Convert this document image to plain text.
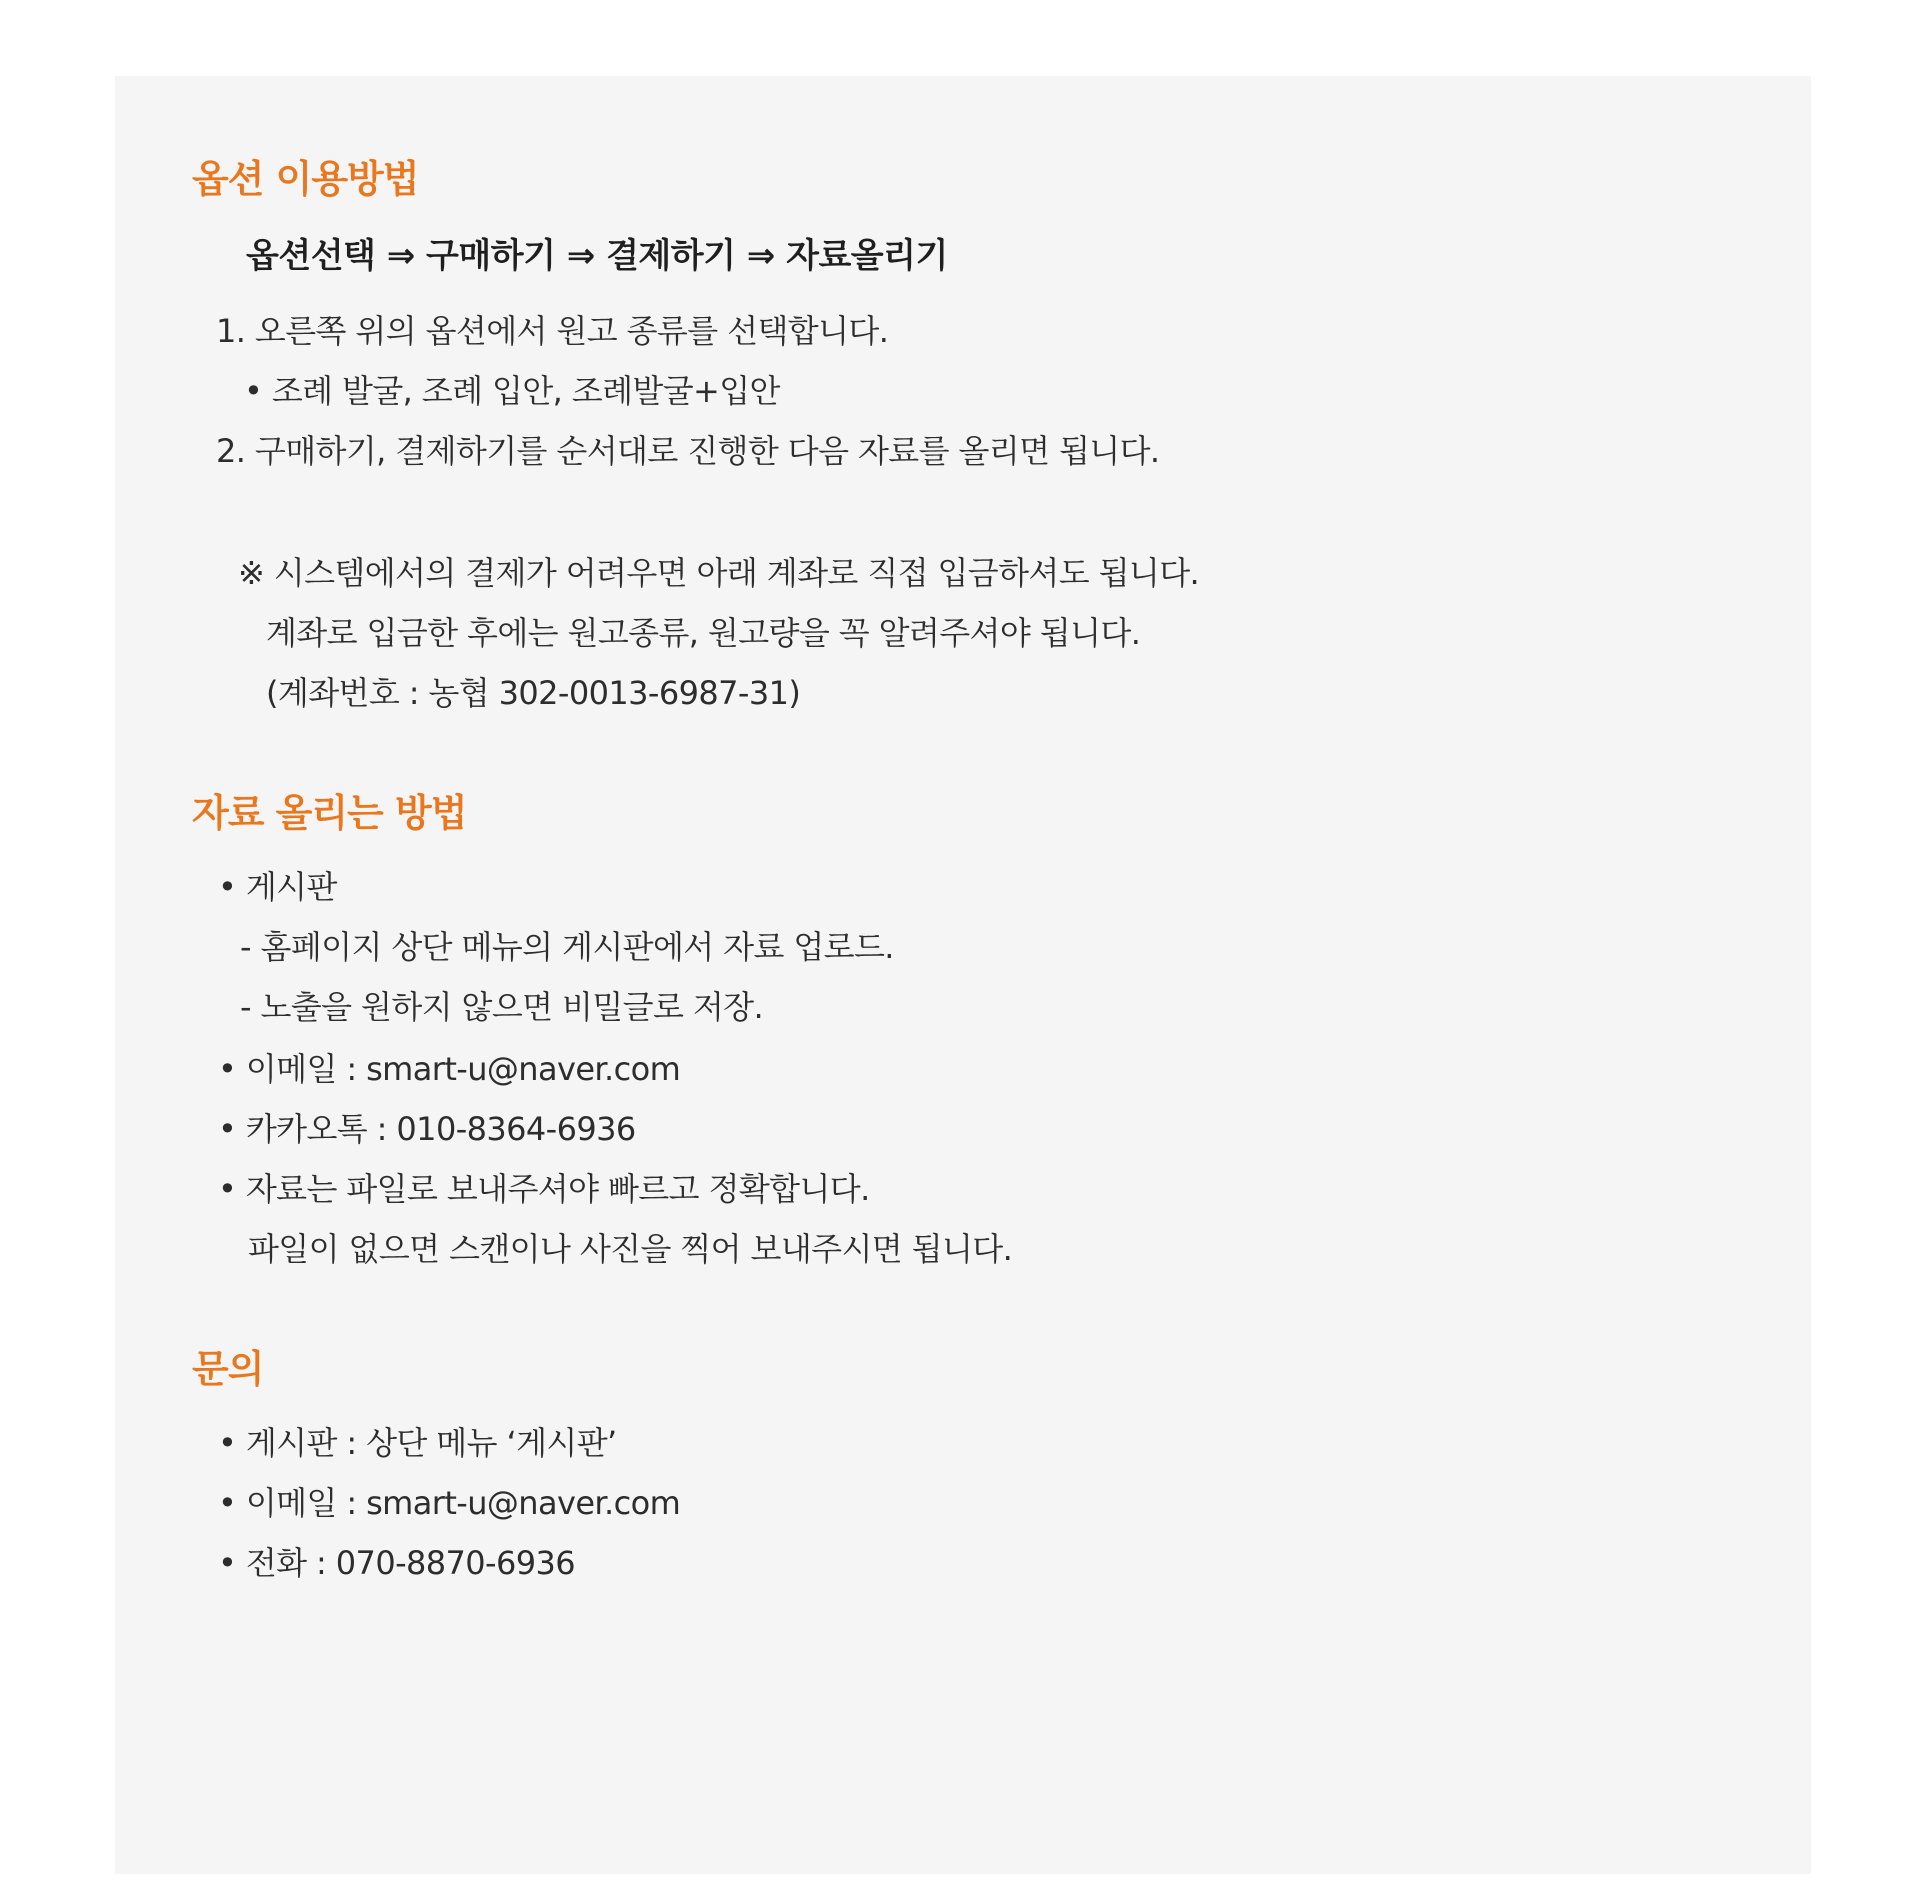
옵션 이용방법
옵션선택 ⇒ 구매하기 ⇒ 결제하기 ⇒ 자료올리기
1. 오른쪽 위의 옵션에서 원고 종류를 선택합니다.
• 조례 발굴, 조례 입안, 조례발굴+입안
2. 구매하기, 결제하기를 순서대로 진행한 다음 자료를 올리면 됩니다.
※ 시스템에서의 결제가 어려우면 아래 계좌로 직접 입금하셔도 됩니다.
계좌로 입금한 후에는 원고종류, 원고량을 꼭 알려주셔야 됩니다.
(계좌번호 : 농협 302-0013-6987-31)
자료 올리는 방법
• 게시판
- 홈페이지 상단 메뉴의 게시판에서 자료 업로드.
- 노출을 원하지 않으면 비밀글로 저장.
• 이메일 : smart-u@naver.com
• 카카오톡 : 010-8364-6936
• 자료는 파일로 보내주셔야 빠르고 정확합니다.
파일이 없으면 스캔이나 사진을 찍어 보내주시면 됩니다.
문의
• 게시판 : 상단 메뉴 ‘게시판’
• 이메일 : smart-u@naver.com
• 전화 : 070-8870-6936
